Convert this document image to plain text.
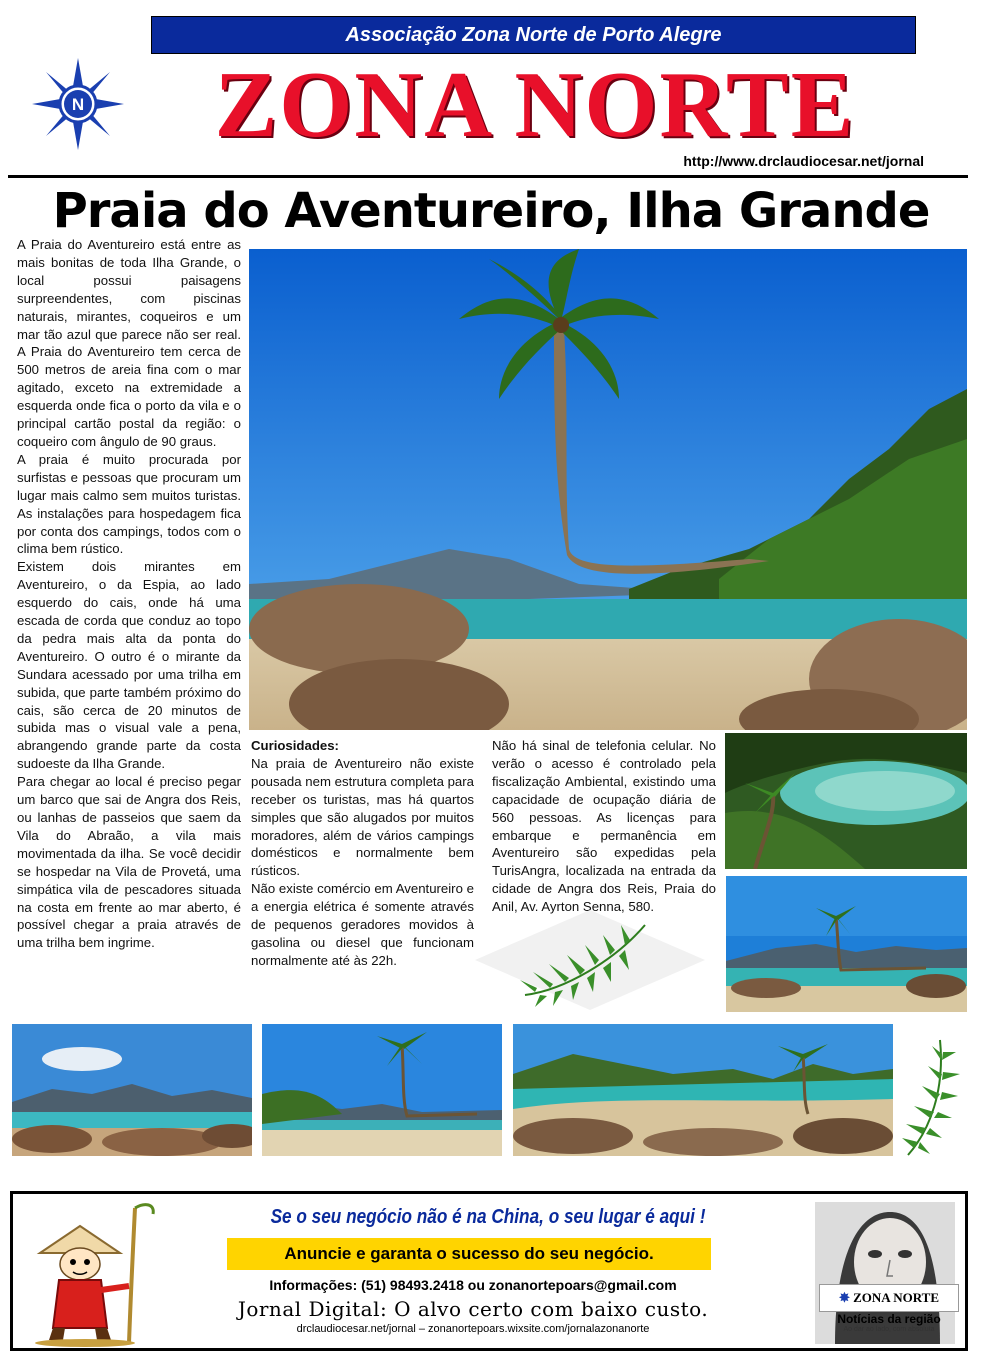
Associação Zona Norte de Porto Alegre
N	ZONA NORTE
http://www.drclaudiocesar.net/jornal
Praia do Aventureiro, Ilha Grande

A Praia do Aventureiro está entre as mais bonitas de toda Ilha Grande, o local possui paisagens surpreendentes, com piscinas naturais, mirantes, coqueiros e um mar tão azul que parece não ser real. A Praia do Aventureiro tem cerca de 500 metros de areia fina com o mar agitado, exceto na extremidade a esquerda onde fica o porto da vila e o principal cartão postal da região: o coqueiro com ângulo de 90 graus.

A praia é muito procurada por surfistas e pessoas que procuram um lugar mais calmo sem muitos turistas. As instalações para hospedagem fica por conta dos campings, todos com o clima bem rústico.

Existem dois mirantes em Aventureiro, o da Espia, ao lado esquerdo do cais, onde há uma escada de corda que conduz ao topo da pedra mais alta da ponta do Aventureiro. O outro é o mirante da Sundara acessado por uma trilha em subida, que parte também próximo do cais, são cerca de 20 minutos de subida mas o visual vale a pena, abrangendo grande parte da costa sudoeste da Ilha Grande.

Para chegar ao local é preciso pegar um barco que sai de Angra dos Reis, ou lanhas de passeios que saem da Vila do Abraão, a vila mais movimentada da ilha. Se você decidir se hospedar na Vila de Provetá, uma simpática vila de pescadores situada na costa em frente ao mar aberto, é possível chegar a praia através de uma trilha bem ingrime.

Curiosidades:

Na praia de Aventureiro não existe pousada nem estrutura completa para receber os turistas, mas há quartos simples que são alugados por muitos moradores, além de vários campings domésticos e normalmente bem rústicos.

Não existe comércio em Aventureiro e a energia elétrica é somente através de pequenos geradores movidos à gasolina ou diesel que funcionam normalmente até às 22h.

Não há sinal de telefonia celular. No verão o acesso é controlado pela fiscalização Ambiental, existindo uma capacidade de ocupação diária de 560 pessoas. As licenças para embarque e permanência em Aventureiro são expedidas pela TurisAngra, localizada na entrada da cidade de Angra dos Reis, Praia do Anil, Av. Ayrton Senna, 580.

Se o seu negócio não é na China, o seu lugar é aqui !
Anuncie e garanta o sucesso do seu negócio.
Informações: (51) 98493.2418 ou zonanortepoars@gmail.com
Jornal Digital: O alvo certo com baixo custo.
drclaudiocesar.net/jornal – zonanortepoars.wixsite.com/jornalazonanorte
✸ ZONA NORTE
Notícias da região
Ao dar ao lado, com absoluta
